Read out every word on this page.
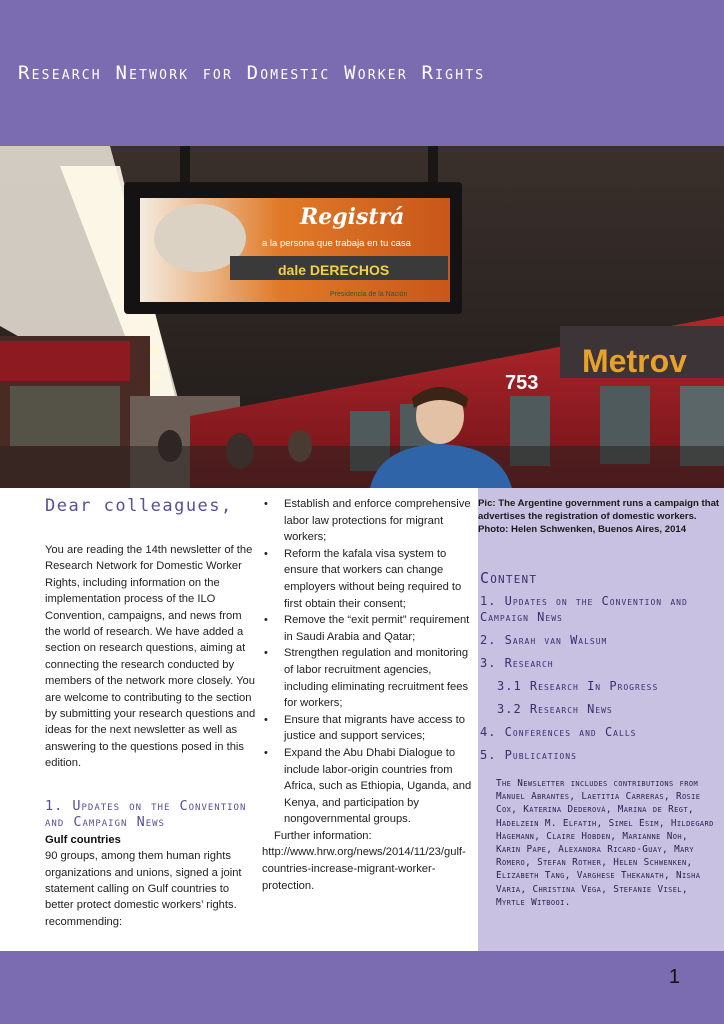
Research Network for Domestic Worker Rights
Registrá
a la persona que trabaja en tu casa
dale DERECHOS
Presidencia de la Nación
753
Metrov
Pic: The Argentine government runs a campaign that advertises the registration of domestic workers. Photo: Helen Schwenken, Buenos Aires, 2014
Dear colleagues,

You are reading the 14th newsletter of the Research Network for Domestic Worker Rights, including information on the implementation process of the ILO Convention, campaigns, and news from the world of research. We have added a section on research questions, aiming at connecting the research conducted by members of the network more closely. You are welcome to contributing to the section by submitting your research questions and ideas for the next newsletter as well as answering to the questions posed in this edition.

1. Updates on the Convention and Campaign News
Gulf countries

90 groups, among them human rights organizations and unions, signed a joint statement calling on Gulf countries to better protect domestic workers’ rights. recommending:

• Establish and enforce comprehensive labor law protections for migrant workers;
• Reform the kafala visa system to ensure that workers can change employers without being required to first obtain their consent;
• Remove the “exit permit” requirement in Saudi Arabia and Qatar;
• Strengthen regulation and monitoring of labor recruitment agencies, including eliminating recruitment fees for workers;
• Ensure that migrants have access to justice and support services;
• Expand the Abu Dhabi Dialogue to include labor-origin countries from Africa, such as Ethiopia, Uganda, and Kenya, and participation by nongovernmental groups.

Further information: http://www.hrw.org/news/2014/11/23/gulf-countries-increase-migrant-worker-protection.

Content
1. Updates on the Convention and Campaign News
2. Sarah van Walsum
3. Research
3.1 Research In Progress
3.2 Research News
4. Conferences and Calls
5. Publications
The Newsletter includes contributions from Manuel Abrantes, Laetitia Carreras, Rosie Cox, Katerina Dederová, Marina de Regt, Hadelzein M. Elfatih, Simel Esim, Hildegard Hagemann, Claire Hobden, Marianne Noh, Karin Pape, Alexandra Ricard-Guay, Mary Romero, Stefan Rother, Helen Schwenken, Elizabeth Tang, Varghese Thekanath, Nisha Varia, Christina Vega, Stefanie Visel, Myrtle Witbooi.
1
